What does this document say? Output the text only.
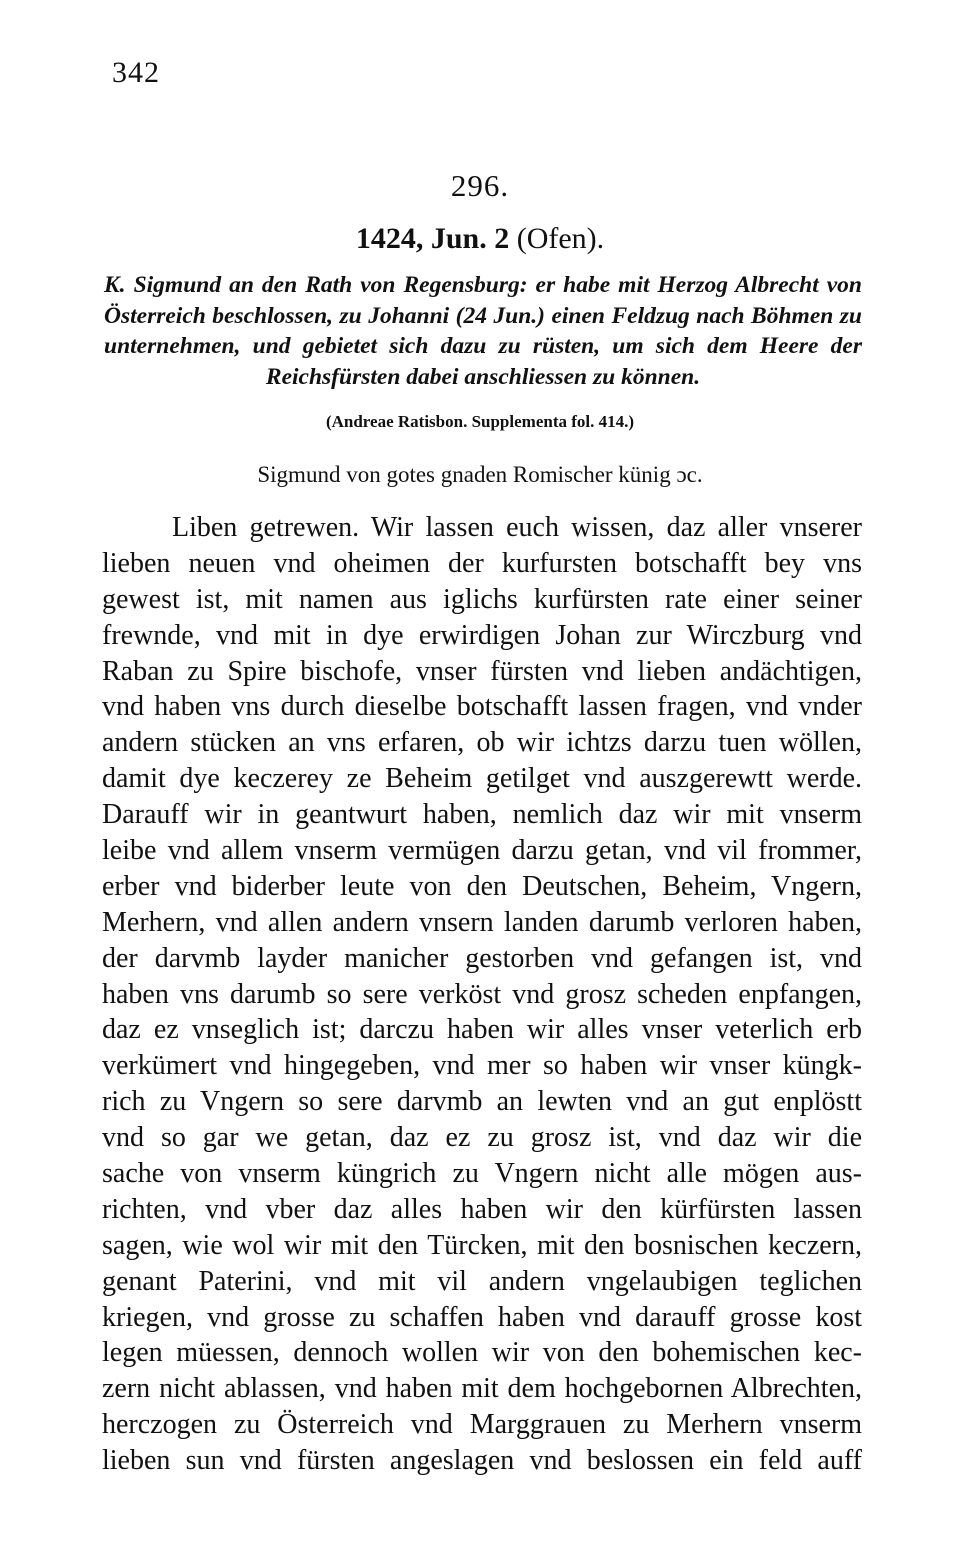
342
296.
1424, Jun. 2 (Ofen).
K. Sigmund an den Rath von Regensburg: er habe mit Herzog Albrecht von Österreich beschlossen, zu Johanni (24 Jun.) einen Feldzug nach Böhmen zu unternehmen, und gebietet sich dazu zu rüsten, um sich dem Heere der Reichsfürsten dabei anschliessen zu können.
(Andreae Ratisbon. Supplementa fol. 414.)
Sigmund von gotes gnaden Romischer künig ɔc.
Liben getrewen. Wir lassen euch wissen, daz aller vnserer
lieben neuen vnd oheimen der kurfursten botschafft bey vns
gewest ist, mit namen aus iglichs kurfürsten rate einer seiner
frewnde, vnd mit in dye erwirdigen Johan zur Wirczburg vnd
Raban zu Spire bischofe, vnser fürsten vnd lieben andächtigen,
vnd haben vns durch dieselbe botschafft lassen fragen, vnd vnder
andern stücken an vns erfaren, ob wir ichtzs darzu tuen wöllen,
damit dye keczerey ze Beheim getilget vnd auszgerewtt werde.
Darauff wir in geantwurt haben, nemlich daz wir mit vnserm
leibe vnd allem vnserm vermügen darzu getan, vnd vil frommer,
erber vnd biderber leute von den Deutschen, Beheim, Vngern,
Merhern, vnd allen andern vnsern landen darumb verloren haben,
der darvmb layder manicher gestorben vnd gefangen ist, vnd
haben vns darumb so sere verköst vnd grosz scheden enpfangen,
daz ez vnseglich ist; darczu haben wir alles vnser veterlich erb
verkümert vnd hingegeben, vnd mer so haben wir vnser küngk-
rich zu Vngern so sere darvmb an lewten vnd an gut enplöstt
vnd so gar we getan, daz ez zu grosz ist, vnd daz wir die
sache von vnserm küngrich zu Vngern nicht alle mögen aus-
richten, vnd vber daz alles haben wir den kürfürsten lassen
sagen, wie wol wir mit den Türcken, mit den bosnischen keczern,
genant Paterini, vnd mit vil andern vngelaubigen teglichen
kriegen, vnd grosse zu schaffen haben vnd darauff grosse kost
legen müessen, dennoch wollen wir von den bohemischen kec-
zern nicht ablassen, vnd haben mit dem hochgebornen Albrechten,
herczogen zu Österreich vnd Marggrauen zu Merhern vnserm
lieben sun vnd fürsten angeslagen vnd beslossen ein feld auff
